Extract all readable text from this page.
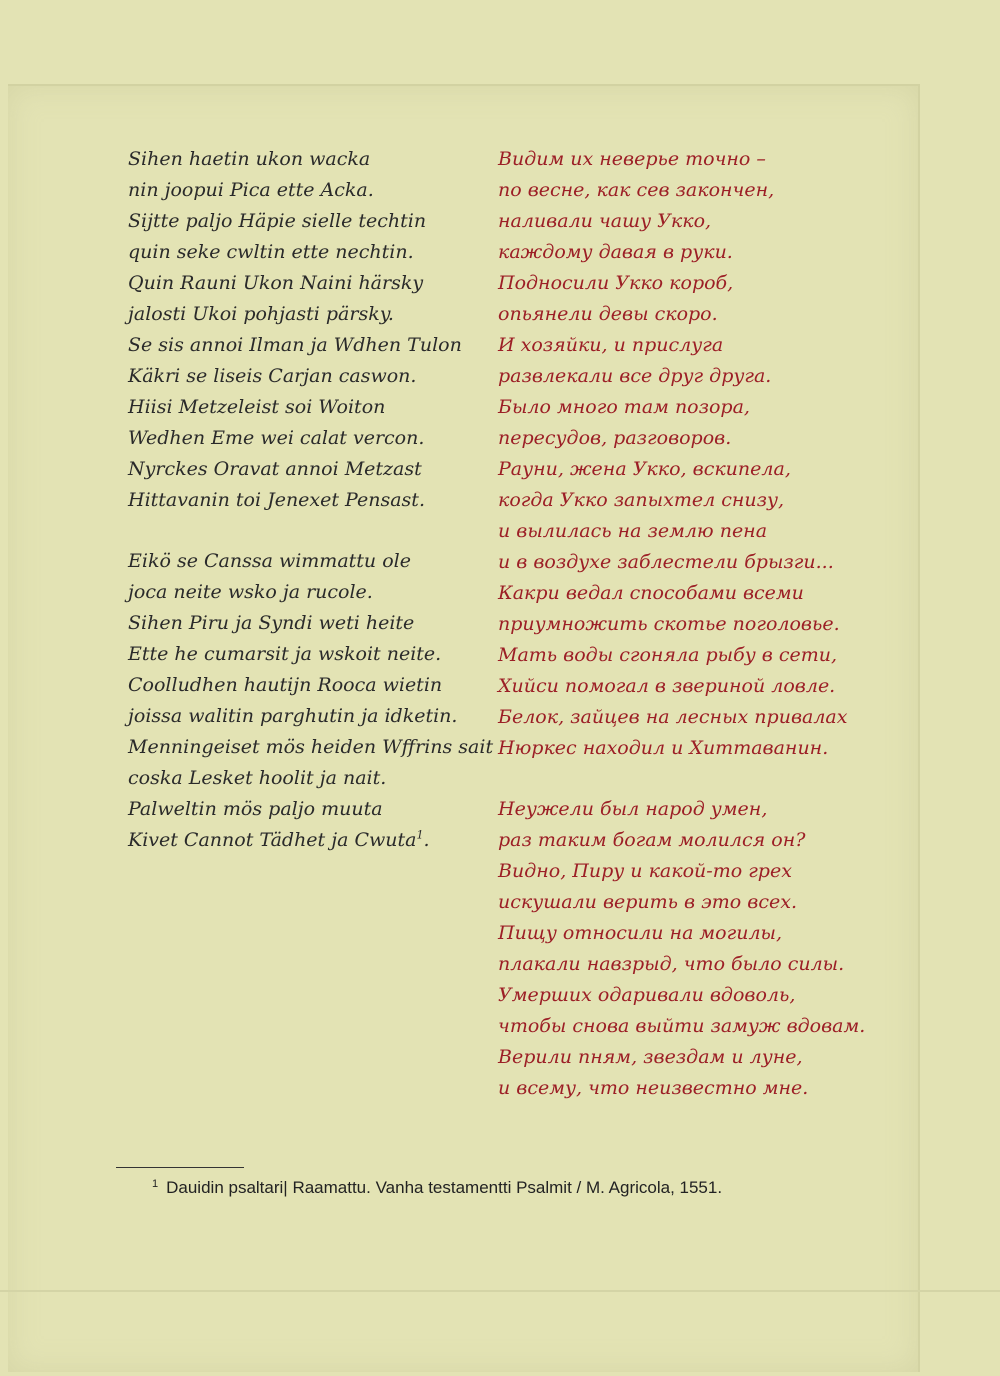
Sihen haetin ukon wacka
nin joopui Pica ette Acka.
Sijtte paljo Häpie sielle techtin
quin seke cwltin ette nechtin.
Quin Rauni Ukon Naini härsky
jalosti Ukoi pohjasti pärsky.
Se sis annoi Ilman ja Wdhen Tulon
Käkri se liseis Carjan caswon.
Hiisi Metzeleist soi Woiton
Wedhen Eme wei calat vercon.
Nyrckes Oravat annoi Metzast
Hittavanin toi Jenexet Pensast.
Eikö se Canssa wimmattu ole
joca neite wsko ja rucole.
Sihen Piru ja Syndi weti heite
Ette he cumarsit ja wskoit neite.
Coolludhen hautijn Rooca wietin
joissa walitin parghutin ja idketin.
Menningeiset mös heiden Wffrins sait
coska Lesket hoolit ja nait.
Palweltin mös paljo muuta
Kivet Cannot Tädhet ja Cwuta$^1$.
Видим их неверье точно –
по весне, как сев закончен,
наливали чашу Укко,
каждому давая в руки.
Подносили Укко короб,
опьянели девы скоро.
И хозяйки, и прислуга
развлекали все друг друга.
Было много там позора,
пересудов, разговоров.
Рауни, жена Укко, вскипела,
когда Укко запыхтел снизу,
и вылилась на землю пена
и в воздухе заблестели брызги...
Какри ведал способами всеми
приумножить скотье поголовье.
Мать воды сгоняла рыбу в сети,
Хийси помогал в звериной ловле.
Белок, зайцев на лесных привалах
Нюркес находил и Хиттаванин.
Неужели был народ умен,
раз таким богам молился он?
Видно, Пиру и какой-то грех
искушали верить в это всех.
Пищу относили на могилы,
плакали навзрыд, что было силы.
Умерших одаривали вдоволь,
чтобы снова выйти замуж вдовам.
Верили пням, звездам и луне,
и всему, что неизвестно мне.
$^1$ Dauidin psaltari| Raamattu. Vanha testamentti Psalmit / M. Agricola, 1551.
